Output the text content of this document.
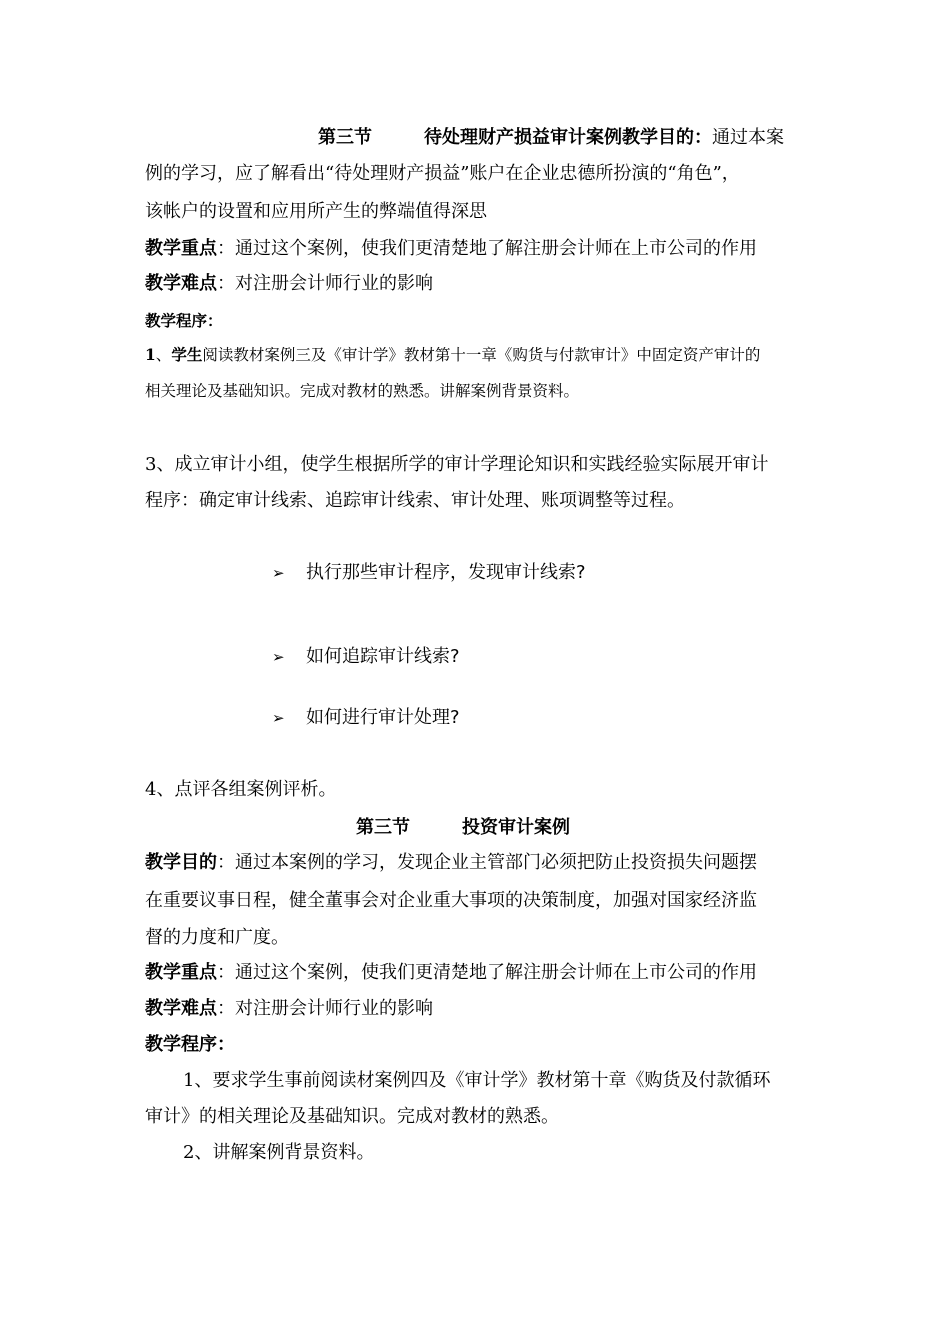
第三节	待处理财产损益审计案例教学目的：通过本案
例的学习，应了解看出“待处理财产损益”账户在企业忠德所扮演的“角色”，
该帐户的设置和应用所产生的弊端值得深思
教学重点：通过这个案例，使我们更清楚地了解注册会计师在上市公司的作用
教学难点：对注册会计师行业的影响
教学程序：
1、学生阅读教材案例三及《审计学》教材第十一章《购货与付款审计》中固定资产审计的
相关理论及基础知识。完成对教材的熟悉。讲解案例背景资料。
3、成立审计小组，使学生根据所学的审计学理论知识和实践经验实际展开审计
程序：确定审计线索、追踪审计线索、审计处理、账项调整等过程。
➢ 执行那些审计程序，发现审计线索?
➢ 如何追踪审计线索?
➢ 如何进行审计处理?
4、点评各组案例评析。
第三节	投资审计案例
教学目的：通过本案例的学习，发现企业主管部门必须把防止投资损失问题摆
在重要议事日程，健全董事会对企业重大事项的决策制度，加强对国家经济监
督的力度和广度。
教学重点：通过这个案例，使我们更清楚地了解注册会计师在上市公司的作用
教学难点：对注册会计师行业的影响
教学程序：
1、要求学生事前阅读材案例四及《审计学》教材第十章《购货及付款循环
审计》的相关理论及基础知识。完成对教材的熟悉。
2、讲解案例背景资料。
